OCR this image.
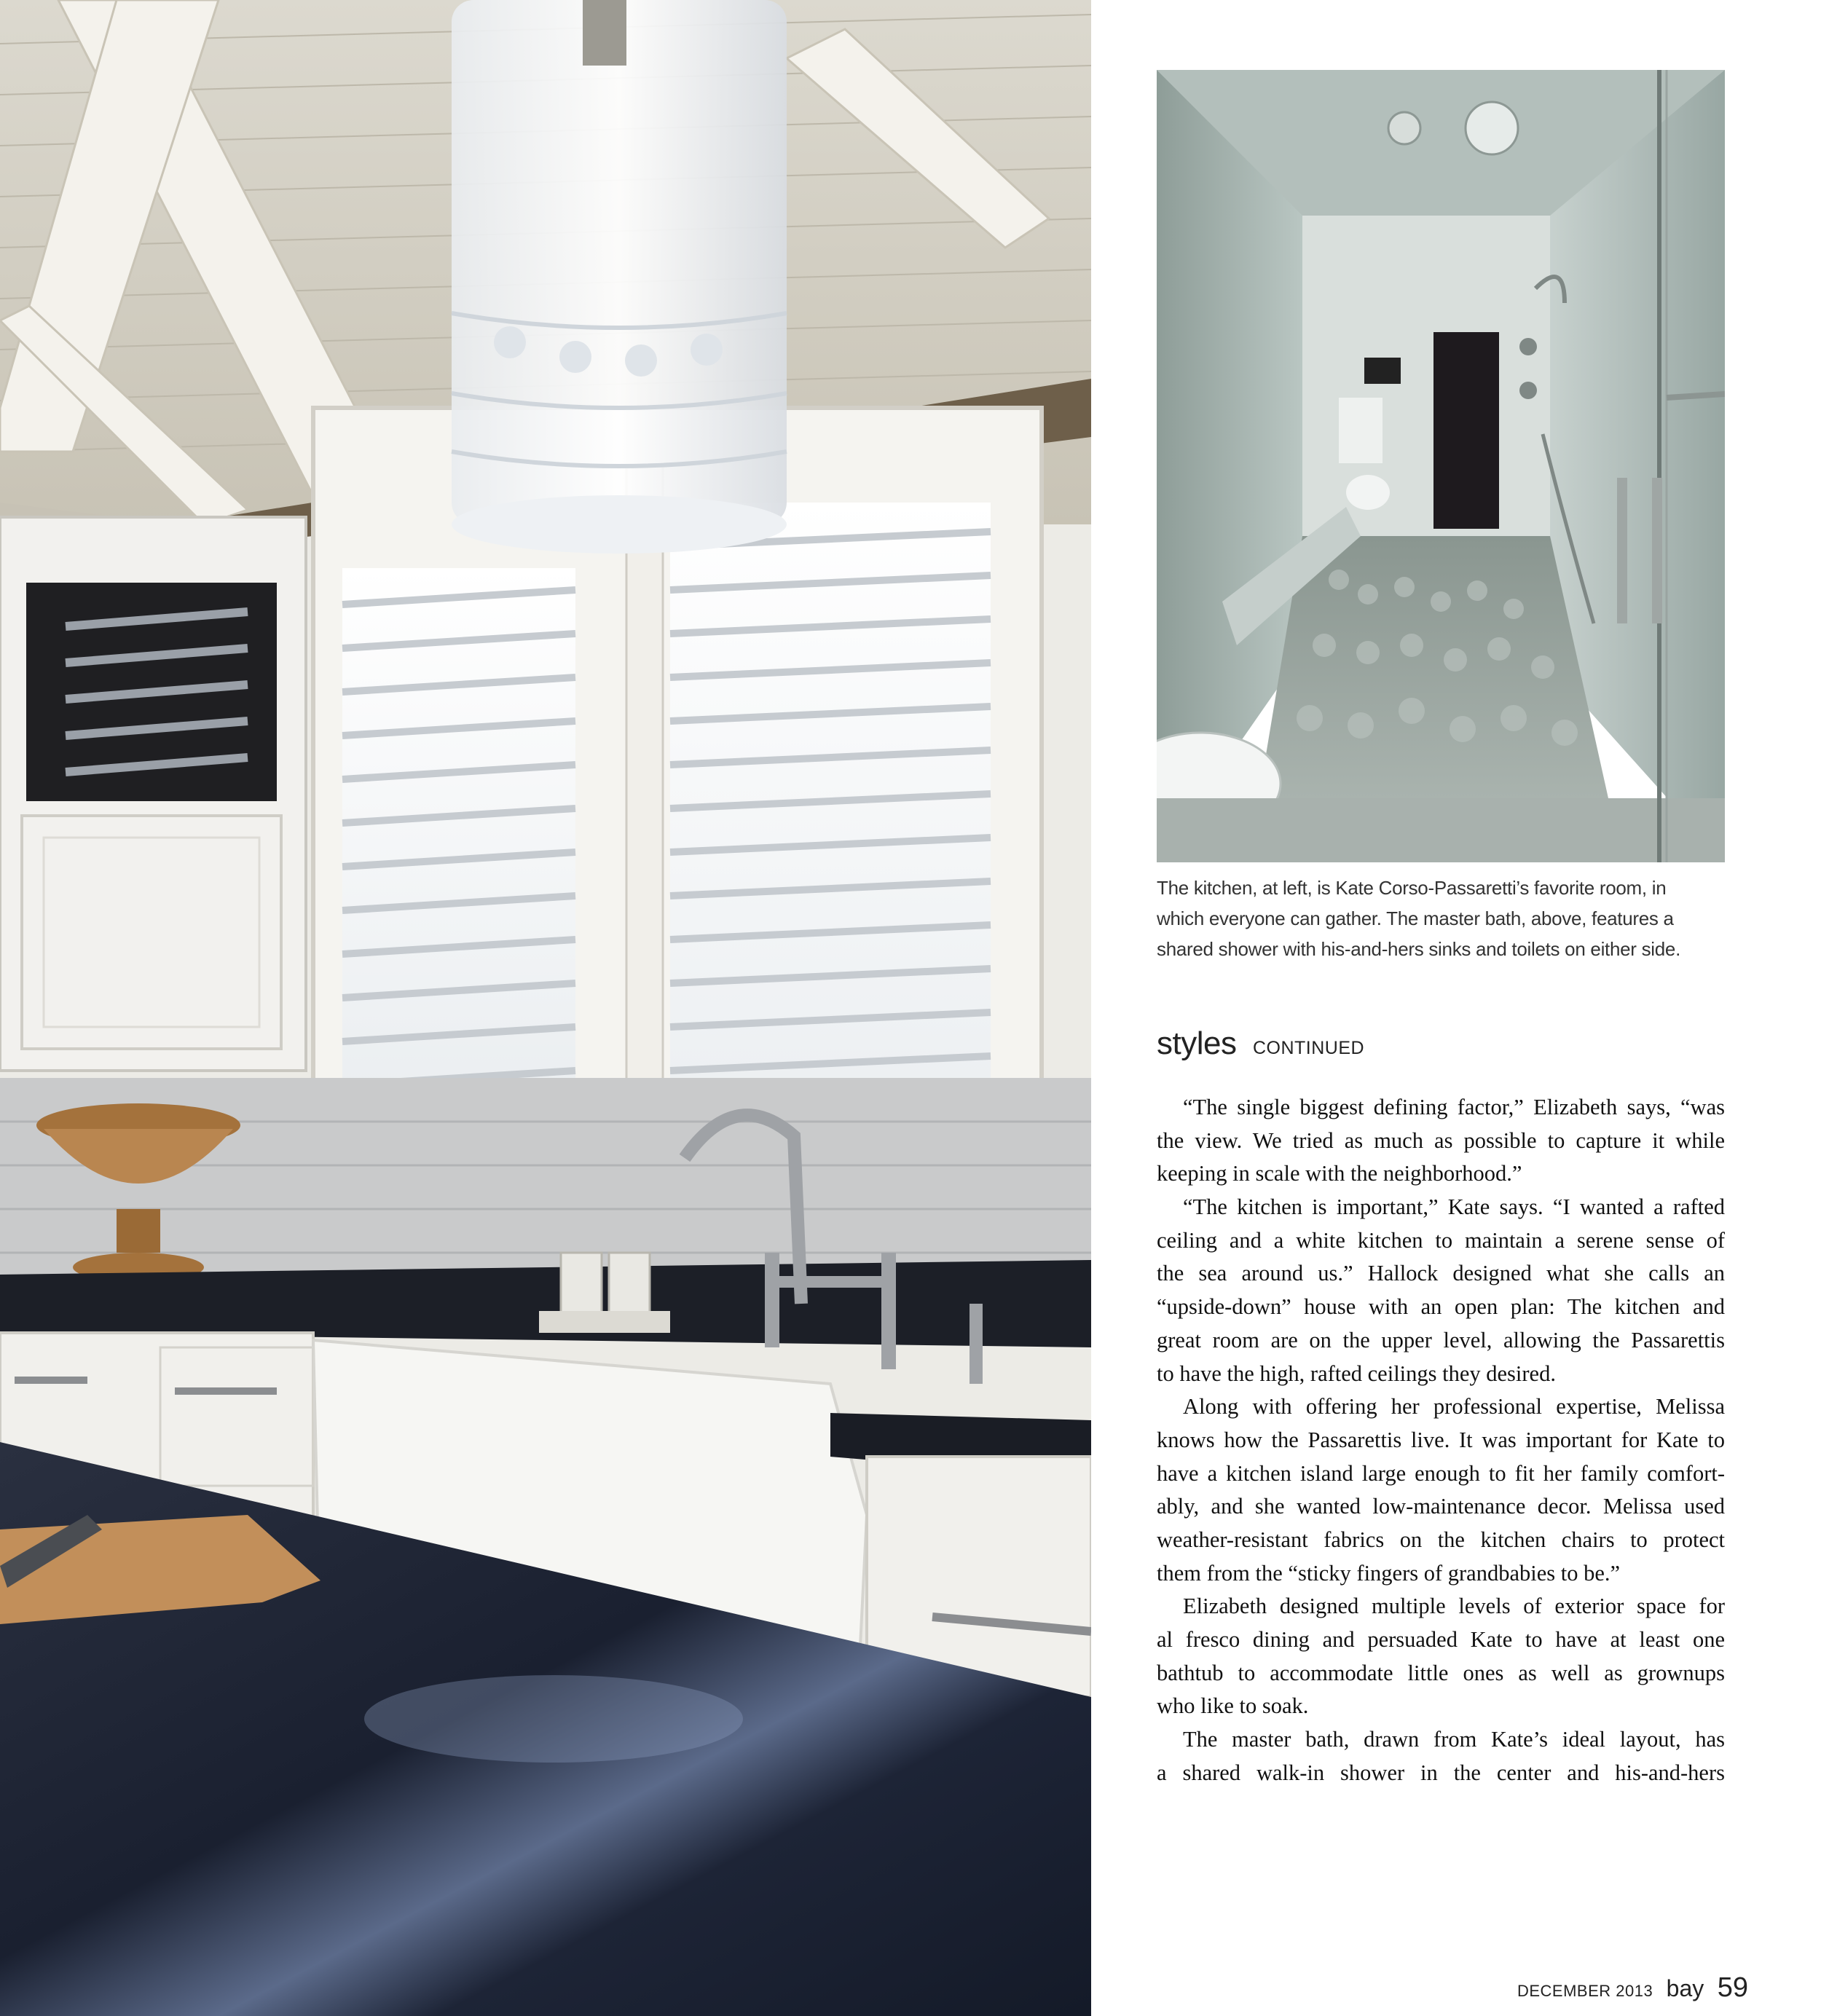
The kitchen, at left, is Kate Corso-Passaretti’s favorite room, in
which everyone can gather. The master bath, above, features a
shared shower with his-and-hers sinks and toilets on either side.
styles CONTINUED
“The single biggest defining factor,” Elizabeth says, “was
the view. We tried as much as possible to capture it while
keeping in scale with the neighborhood.”
“The kitchen is important,” Kate says. “I wanted a rafted
ceiling and a white kitchen to maintain a serene sense of
the sea around us.” Hallock designed what she calls an
“upside-down” house with an open plan: The kitchen and
great room are on the upper level, allowing the Passarettis
to have the high, rafted ceilings they desired.
Along with offering her professional expertise, Melissa
knows how the Passarettis live. It was important for Kate to
have a kitchen island large enough to fit her family comfort-
ably, and she wanted low-maintenance decor. Melissa used
weather-resistant fabrics on the kitchen chairs to protect
them from the “sticky fingers of grandbabies to be.”
Elizabeth designed multiple levels of exterior space for
al fresco dining and persuaded Kate to have at least one
bathtub to accommodate little ones as well as grownups
who like to soak.
The master bath, drawn from Kate’s ideal layout, has
a shared walk-in shower in the center and his-and-hers
DECEMBER 2013 bay 59
